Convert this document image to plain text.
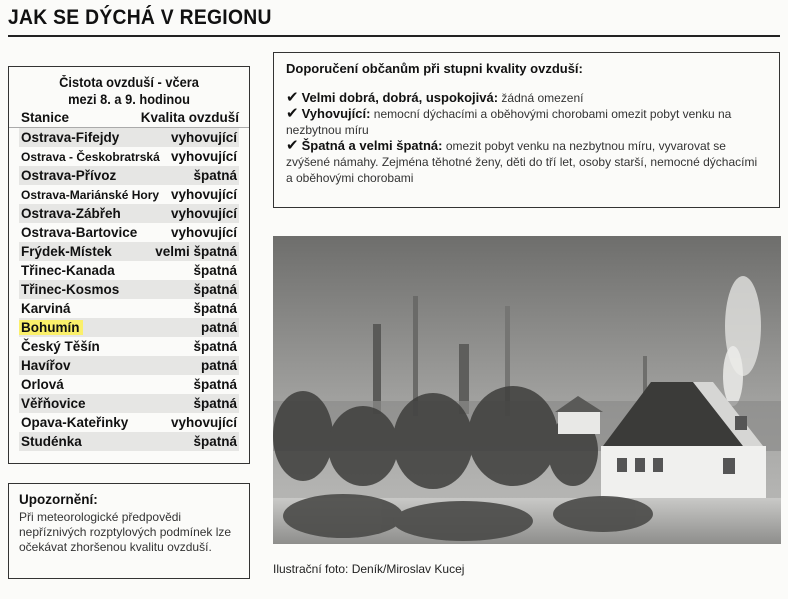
JAK SE DÝCHÁ V REGIONU
Čistota ovzduší - včera
mezi 8. a 9. hodinou
Stanice	Kvalita ovzduší
Ostrava-Fifejdy	vyhovující
Ostrava - Českobratrská vyhovující
Ostrava-Přívoz	špatná
Ostrava-Mariánské Hory vyhovující
Ostrava-Zábřeh	vyhovující
Ostrava-Bartovice vyhovující
Frýdek-Místek	velmi špatná
Třinec-Kanada	špatná
Třinec-Kosmos	špatná
Karviná	špatná
Bohumín	patná
Český Těšín	špatná
Havířov	patná
Orlová	špatná
Věřňovice	špatná
Opava-Kateřinky	vyhovující
Studénka	špatná
Upozornění:
Při meteorologické předpovědi nepříznivých rozptylových podmínek lze očekávat zhoršenou kvalitu ovzduší.
Doporučení občanům při stupni kvality ovzduší:
✔ Velmi dobrá, dobrá, uspokojivá: žádná omezení
✔ Vyhovující: nemocní dýchacími a oběhovými chorobami omezit pobyt venku na nezbytnou míru
✔ Špatná a velmi špatná: omezit pobyt venku na nezbytnou míru, vyvarovat se zvýšené námahy. Zejména těhotné ženy, děti do tří let, osoby starší, nemocné dýchacími a oběhovými chorobami
Ilustrační foto: Deník/Miroslav Kucej
